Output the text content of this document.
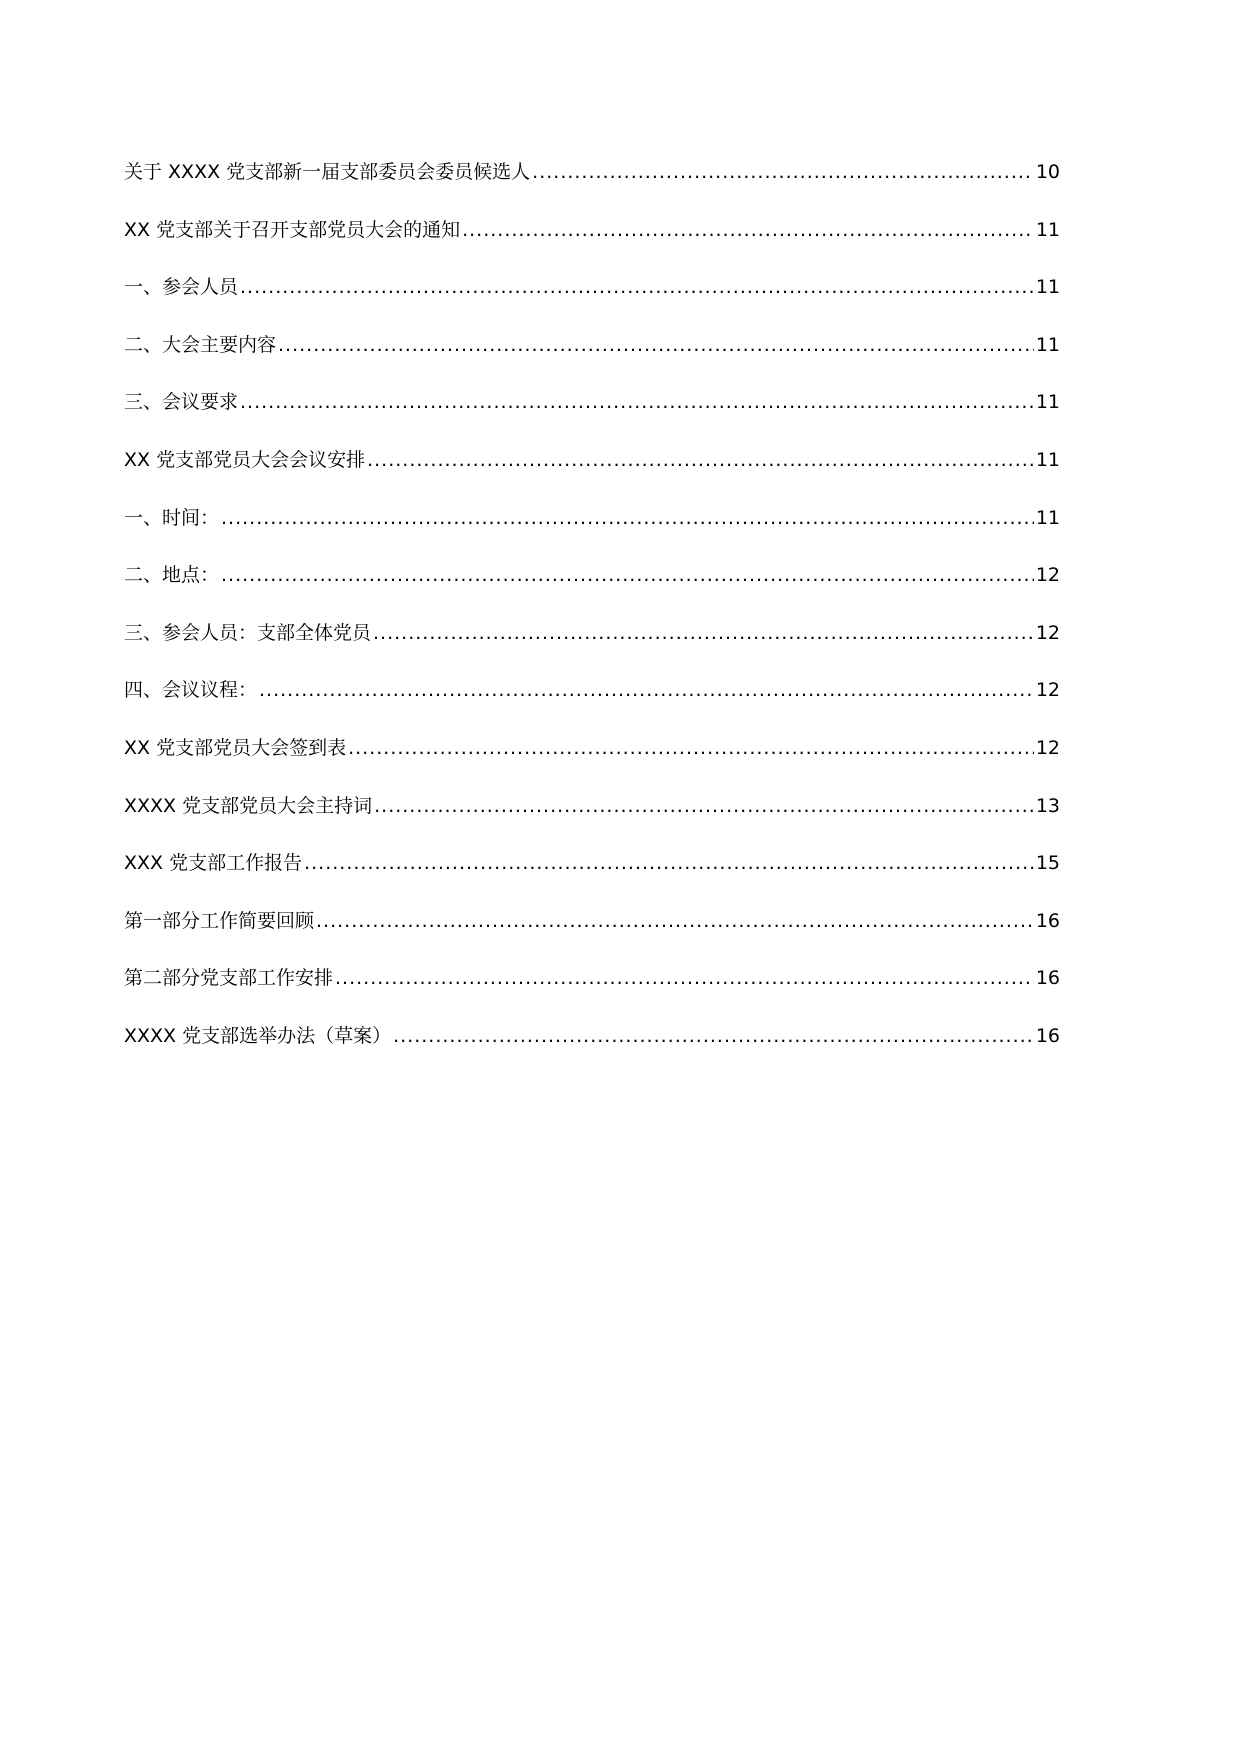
关于 XXXX 党支部新一届支部委员会委员候选人 .....	10
XX 党支部关于召开支部党员大会的通知 .....	11
一、参会人员 .....	11
二、大会主要内容 .....	11
三、会议要求 .....	11
XX 党支部党员大会会议安排 .....	11
一、时间： .....	11
二、地点： .....	12
三、参会人员：支部全体党员 .....	12
四、会议议程： .....	12
XX 党支部党员大会签到表 .....	12
XXXX 党支部党员大会主持词 .....	13
XXX 党支部工作报告 .....	15
第一部分工作简要回顾 .....	16
第二部分党支部工作安排 .....	16
XXXX 党支部选举办法（草案） .....	16
